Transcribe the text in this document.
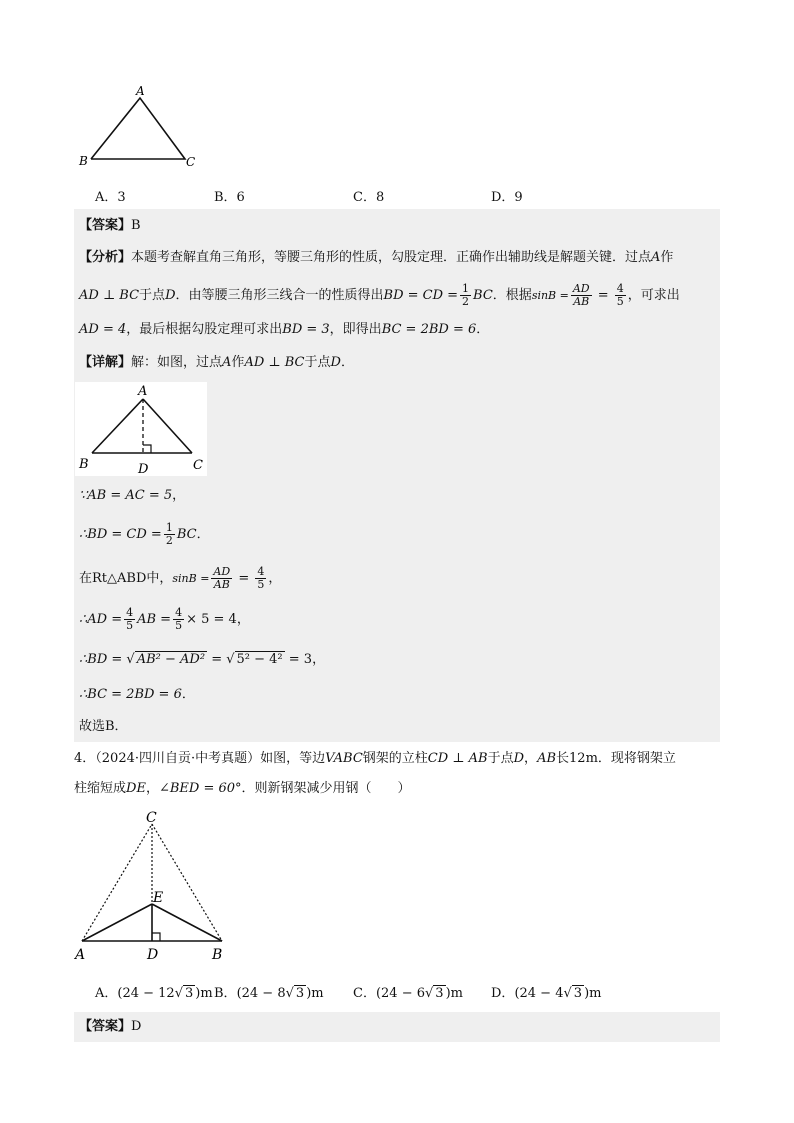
A
B	C
A．3	B．6	C．8	D．9
【答案】B
【分析】本题考查解直角三角形，等腰三角形的性质，勾股定理．正确作出辅助线是解题关键．过点A作
AD ⊥ BC于点D．由等腰三角形三线合一的性质得出BD = CD = $\frac{1}{2}$ BC．根据$\sin B = \frac{AD}{AB} = \frac{4}{5}$ ，可求出
AD = 4，最后根据勾股定理可求出BD = 3，即得出BC = 2BD = 6．
【详解】解：如图，过点A作AD ⊥ BC于点D．
A
B	C
D
∵AB = AC = 5，
∴BD = CD = $\frac{1}{2}$ BC．
在Rt△ABD中，$\sin B = \frac{AD}{AB} = \frac{4}{5}$ ，
∴AD = $\frac{4}{5}$ AB = $\frac{4}{5} \times 5 = 4$，
∴BD = √ AB² − AD² = √ 5² − 4² = 3，
∴BC = 2BD = 6．
故选B．
4．（2024·四川自贡·中考真题）如图，等边VABC钢架的立柱CD ⊥ AB于点D，AB长12m．现将钢架立
柱缩短成DE，∠BED = 60°．则新钢架减少用钢（　　）
C
E
A	D	B
A．(24 − 12√ 3 )m B．(24 − 8√ 3 )m C．(24 − 6√ 3 )m D．(24 − 4√ 3 )m
【答案】D
